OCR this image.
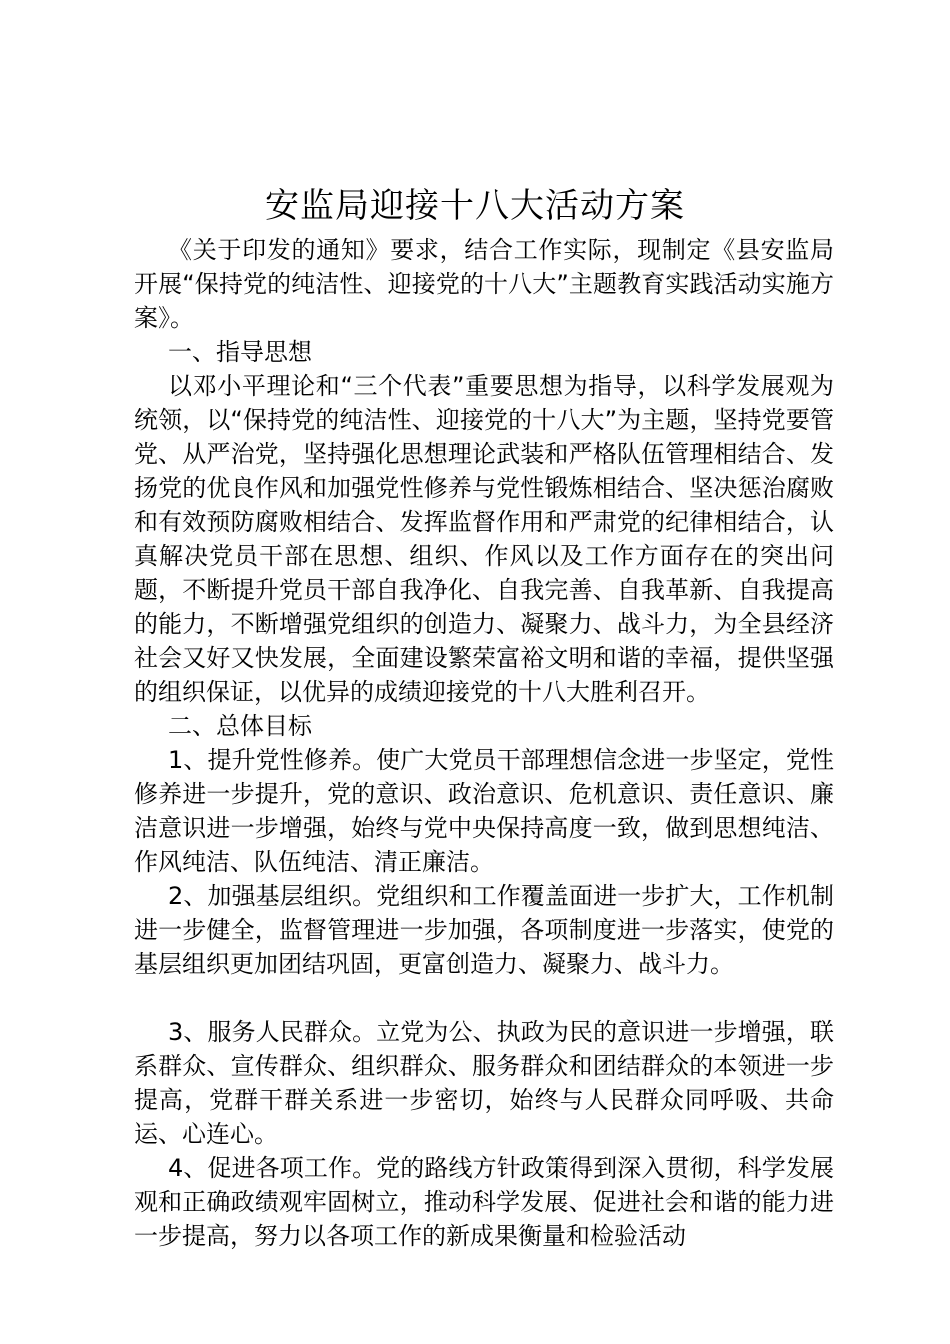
安监局迎接十八大活动方案

《关于印发的通知》要求，结合工作实际，现制定《县安监局开展“保持党的纯洁性、迎接党的十八大”主题教育实践活动实施方案》。

一、指导思想

以邓小平理论和“三个代表”重要思想为指导，以科学发展观为统领，以“保持党的纯洁性、迎接党的十八大”为主题，坚持党要管党、从严治党，坚持强化思想理论武装和严格队伍管理相结合、发扬党的优良作风和加强党性修养与党性锻炼相结合、坚决惩治腐败和有效预防腐败相结合、发挥监督作用和严肃党的纪律相结合，认真解决党员干部在思想、组织、作风以及工作方面存在的突出问题，不断提升党员干部自我净化、自我完善、自我革新、自我提高的能力，不断增强党组织的创造力、凝聚力、战斗力，为全县经济社会又好又快发展，全面建设繁荣富裕文明和谐的幸福，提供坚强的组织保证，以优异的成绩迎接党的十八大胜利召开。

二、总体目标

1、提升党性修养。使广大党员干部理想信念进一步坚定，党性修养进一步提升，党的意识、政治意识、危机意识、责任意识、廉洁意识进一步增强，始终与党中央保持高度一致，做到思想纯洁、作风纯洁、队伍纯洁、清正廉洁。

2、加强基层组织。党组织和工作覆盖面进一步扩大，工作机制进一步健全，监督管理进一步加强，各项制度进一步落实，使党的基层组织更加团结巩固，更富创造力、凝聚力、战斗力。

3、服务人民群众。立党为公、执政为民的意识进一步增强，联系群众、宣传群众、组织群众、服务群众和团结群众的本领进一步提高，党群干群关系进一步密切，始终与人民群众同呼吸、共命运、心连心。

4、促进各项工作。党的路线方针政策得到深入贯彻，科学发展观和正确政绩观牢固树立，推动科学发展、促进社会和谐的能力进一步提高，努力以各项工作的新成果衡量和检验活动
